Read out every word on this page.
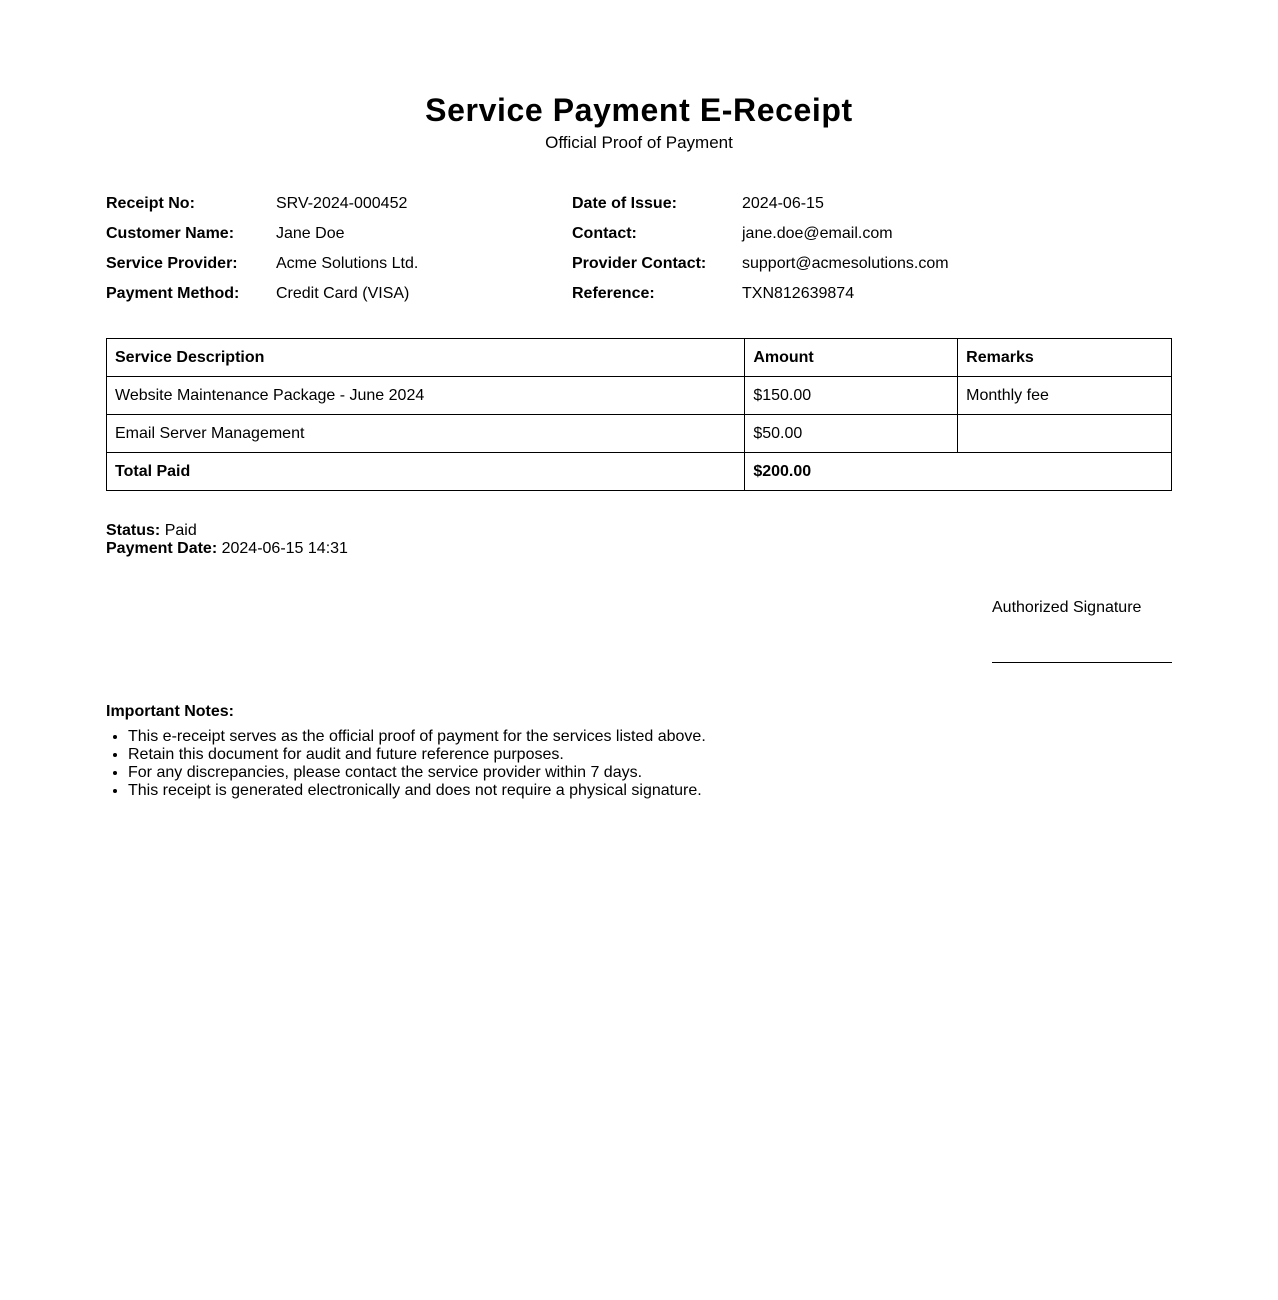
Service Payment E-Receipt
Official Proof of Payment
Receipt No:	SRV-2024-000452	Date of Issue:	2024-06-15
Customer Name:	Jane Doe	Contact:	jane.doe@email.com
Service Provider: Acme Solutions Ltd.	Provider Contact: support@acmesolutions.com
Payment Method: Credit Card (VISA)	Reference:	TXN812639874
Service Description	Amount	Remarks
Website Maintenance Package - June 2024	$150.00	Monthly fee
Email Server Management	$50.00	
Total Paid	$200.00	
Status: Paid
Payment Date: 2024-06-15 14:31
Authorized Signature
Important Notes:
• This e-receipt serves as the official proof of payment for the services listed above.
• Retain this document for audit and future reference purposes.
• For any discrepancies, please contact the service provider within 7 days.
• This receipt is generated electronically and does not require a physical signature.
